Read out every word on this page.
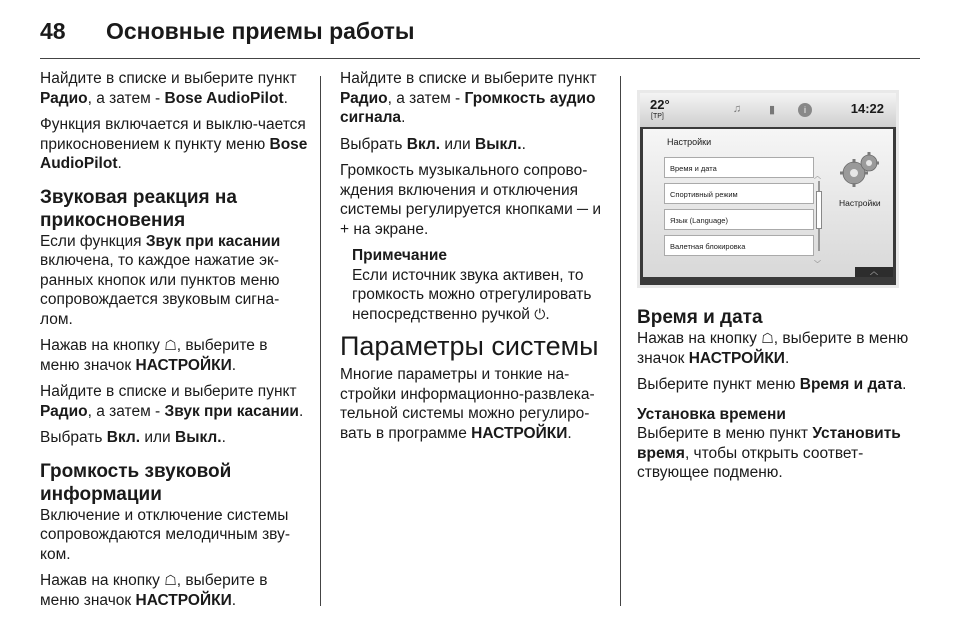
48 Основные приемы работы

Найдите в списке и выберите пункт Радио, а затем - Bose AudioPilot.

Функция включается и выклю-чается прикосновением к пункту меню Bose AudioPilot.

Звуковая реакция на прикосновения

Если функция Звук при касании включена, то каждое нажатие эк-ранных кнопок или пунктов меню сопровождается звуковым сигна-лом.

Нажав на кнопку ☖, выберите в меню значок НАСТРОЙКИ.

Найдите в списке и выберите пункт Радио, а затем - Звук при касании.

Выбрать Вкл. или Выкл..

Громкость звуковой информации

Включение и отключение системы сопровождаются мелодичным зву-ком.

Нажав на кнопку ☖, выберите в меню значок НАСТРОЙКИ.

Найдите в списке и выберите пункт Радио, а затем - Громкость аудио сигнала.

Выбрать Вкл. или Выкл..

Громкость музыкального сопрово-ждения включения и отключения системы регулируется кнопками ─ и + на экране.

Примечание

Если источник звука активен, то громкость можно отрегулировать непосредственно ручкой ⏻.

Параметры системы

Многие параметры и тонкие на-стройки информационно-развлека-тельной системы можно регулиро-вать в программе НАСТРОЙКИ.

22°
[TP]
♫	▮	i	14:22
Настройки
Время и дата
Спортивный режим
Язык (Language)
Валетная блокировка
︿
﹀
Настройки
︿
Время и дата

Нажав на кнопку ☖, выберите в меню значок НАСТРОЙКИ.

Выберите пункт меню Время и дата.

Установка времени

Выберите в меню пункт Установить время, чтобы открыть соответ-ствующее подменю.
